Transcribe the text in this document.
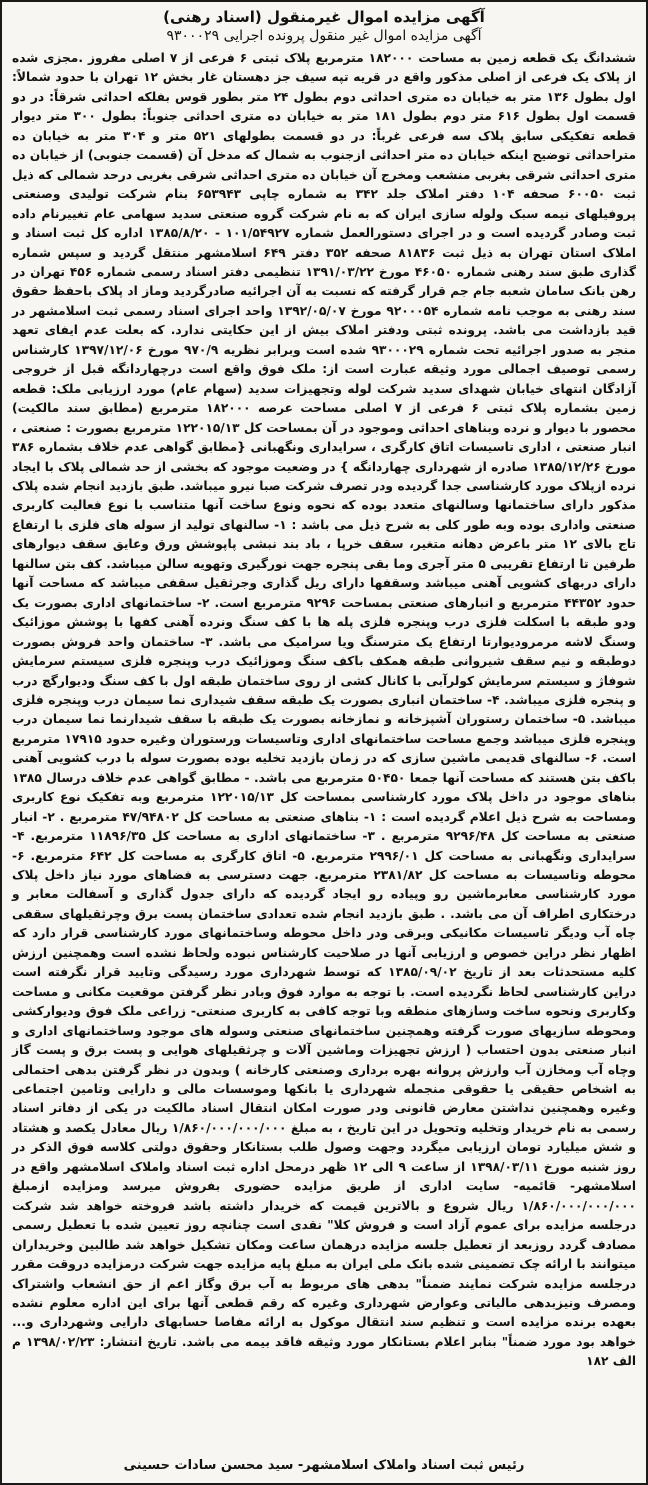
آگهی مزایده اموال غیرمنقول (اسناد رهنی)

آگهی مزایده اموال غیر منقول پرونده اجرایی ۹۳۰۰۰۲۹

ششدانگ یک قطعه زمین به مساحت ۱۸۲۰۰۰ مترمربع پلاک ثبتی ۶ فرعی از ۷ اصلی مفروز .مجزی شده از پلاک یک فرعی از اصلی مذکور واقع در قریه تپه سیف جز دهستان غار بخش ۱۲ تهران با حدود شمالاً: اول بطول ۱۳۶ متر به خیابان ده متری احداثی دوم بطول ۲۴ متر بطور قوس بفلکه احداثی شرقاً: در دو قسمت اول بطول ۶۱۶ متر دوم بطول ۱۸۱ متر به خیابان ده متری احداثی جنوباً: بطول ۳۰۰ متر دیوار قطعه تفکیکی سابق پلاک سه فرعی غرباً: در دو قسمت بطولهای ۵۲۱ متر و ۳۰۴ متر به خیابان ده متراحداثی توضیح اینکه خیابان ده متر احداثی ازجنوب به شمال که مدخل آن (قسمت جنوبی) از خیابان ده متری احداثی شرقی بغربی منشعب ومخرج آن خیابان ده متری احداثی شرقی بغربی درحد شمالی که ذیل ثبت ۶۰۰۵۰ صحفه ۱۰۴ دفتر املاک جلد ۳۴۲ به شماره چاپی ۶۵۳۹۴۳ بنام شرکت تولیدی وصنعتی پروفیلهای نیمه سبک ولوله سازی ایران که به نام شرکت گروه صنعتی سدید سهامی عام تغییرنام داده ثبت وصادر گردیده است و در اجرای دستورالعمل شماره ۱۰۱/۵۴۹۲۷ - ۱۳۸۵/۸/۲۰ اداره کل ثبت اسناد و املاک استان تهران به ذیل ثبت ۸۱۸۳۶ صحفه ۳۵۲ دفتر ۶۴۹ اسلامشهر منتقل گردید و سپس شماره گذاری طبق سند رهنی شماره ۴۶۰۵۰ مورخ ۱۳۹۱/۰۳/۲۲ تنظیمی دفتر اسناد رسمی شماره ۴۵۶ تهران در رهن بانک سامان شعبه جام جم قرار گرفته که نسبت به آن اجرائیه صادرگردید وماز اد پلاک باحفظ حقوق سند رهنی به موجب نامه شماره ۹۲۰۰۰۵۴ مورخ ۱۳۹۲/۰۵/۰۷ واحد اجرای اسناد رسمی ثبت اسلامشهر در قید بازداشت می باشد. پرونده ثبتی ودفتر املاک بیش از این حکایتی ندارد. که بعلت عدم ایفای تعهد منجر به صدور اجرائیه تحت شماره ۹۳۰۰۰۲۹ شده است وبرابر نظریه ۹۷۰/۹ مورخ ۱۳۹۷/۱۲/۰۶ کارشناس رسمی توصیف اجمالی مورد وثیقه عبارت است از: ملک فوق واقع است درچهاردانگه قبل از خروجی آزادگان انتهای خیابان شهدای سدید شرکت لوله وتجهیزات سدید (سهام عام) مورد ارزیابی ملک: قطعه زمین بشماره پلاک ثبتی ۶ فرعی از ۷ اصلی مساحت عرصه ۱۸۲۰۰۰ مترمربع (مطابق سند مالکیت) محصور با دیوار و نرده وبناهای احداثی وموجود در آن بمساحت کل ۱۲۲۰۱۵/۱۳ مترمربع بصورت : صنعتی ، انبار صنعتی ، اداری تاسیسات اتاق کارگری ، سرایداری ونگهبانی {مطابق گواهی عدم خلاف بشماره ۳۸۶ مورخ ۱۳۸۵/۱۲/۲۶ صادره از شهرداری چهاردانگه } در وضعیت موجود که بخشی از حد شمالی پلاک با ایجاد نرده ازپلاک مورد کارشناسی جدا گردیده ودر تصرف شرکت صبا نیرو میباشد. طبق بازدید انجام شده پلاک مذکور دارای ساختمانها وسالنهای متعدد بوده که نحوه ونوع ساخت آنها متناسب با نوع فعالیت کاربری صنعتی واداری بوده وبه طور کلی به شرح ذیل می باشد : ۱- سالنهای تولید از سوله های فلزی با ارتفاع تاج بالای ۱۲ متر باعرض دهانه متغیر، سقف خرپا ، باد بند نبشی پاپوشش ورق وعایق سقف دیوارهای طرفین تا ارتفاع تقریبی ۵ متر آجری وما بقی پنجره جهت نورگیری وتهویه سالن میباشد. کف بتن سالنها دارای دربهای کشویی آهنی میباشد وسقفها دارای ریل گذاری وجرثقیل سقفی میباشد که مساحت آنها حدود ۴۴۳۵۲ مترمربع و انبارهای صنعتی بمساحت ۹۲۹۶ مترمربع است. ۲- ساختمانهای اداری بصورت یک ودو طبقه با اسکلت فلزی درب وپنجره فلزی پله ها با کف سنگ ونرده آهنی کفها با پوشش موزائیک وسنگ لاشه مرمرودیوارتا ارتفاع یک مترسنگ ویا سرامیک می باشد. ۳- ساختمان واحد فروش بصورت دوطبقه و نیم سقف شیروانی طبقه همکف باکف سنگ وموزائیک درب وپنجره فلزی سیستم سرمایش شوفاژ و سیستم سرمایش کولرآبی با کانال کشی از روی ساختمان طبقه اول با کف سنگ ودیوارگچ درب و پنجره فلزی میباشد. ۴- ساختمان انباری بصورت یک طبقه سقف شیداری نما سیمان درب وپنجره فلزی میباشد. ۵- ساختمان رستوران آشپزخانه و نمازخانه بصورت یک طبقه با سقف شیدارنما نما سیمان درب وپنجره فلزی میباشد وجمع مساحت ساختمانهای اداری وتاسیسات ورستوران وغیره حدود ۱۷۹۱۵ مترمربع است. ۶- سالنهای قدیمی ماشین سازی که در زمان بازدید تخلیه بوده بصورت سوله با درب کشویی آهنی باکف بتن هستند که مساحت آنها جمعا ۵۰۴۵۰ مترمربع می باشد. - مطابق گواهی عدم خلاف درسال ۱۳۸۵ بناهای موجود در داخل پلاک مورد کارشناسی بمساحت کل ۱۲۲۰۱۵/۱۳ مترمربع وبه تفکیک نوع کاربری ومساحت به شرح ذیل اعلام گردیده است : ۱- بناهای صنعتی به مساحت کل ۴۷/۹۴۸۰۲ مترمربع . ۲- انبار صنعتی به مساحت کل ۹۲۹۶/۴۸ مترمربع . ۳- ساختمانهای اداری به مساحت کل ۱۱۸۹۶/۳۵ مترمربع. ۴- سرایداری ونگهبانی به مساحت کل ۲۹۹۶/۰۱ مترمربع. ۵- اتاق کارگری به مساحت کل ۶۴۲ مترمربع. ۶- محوطه وتاسیسات به مساحت کل ۲۳۸۱/۸۲ مترمربع. جهت دسترسی به فضاهای مورد نیاز داخل پلاک مورد کارشناسی معابرماشین رو وپیاده رو ایجاد گردیده که دارای جدول گذاری و آسفالت معابر و درختکاری اطراف آن می باشد. . طبق بازدید انجام شده تعدادی ساختمان پست برق وچرثقیلهای سقفی چاه آب ودیگر تاسیسات مکانیکی وبرقی ودر داخل محوطه وساختمانهای مورد کارشناسی قرار دارد که اظهار نظر دراین خصوص و ارزیابی آنها در صلاحیت کارشناس نبوده ولحاظ نشده است وهمچنین ارزش کلیه مستحدثات بعد از تاریخ ۱۳۸۵/۰۹/۰۲ که توسط شهرداری مورد رسیدگی وتایید قرار نگرفته است دراین کارشناسی لحاظ نگردیده است. با توجه به موارد فوق وبادر نظر گرفتن موقعیت مکانی و مساحت وکاربری ونحوه ساخت وسازهای منطقه وبا توجه کافی به کاربری صنعتی- زراعی ملک فوق ودیوارکشی ومحوطه سازیهای صورت گرفته وهمچنین ساختمانهای صنعتی وسوله های موجود وساختمانهای اداری و انبار صنعتی بدون احتساب ( ارزش تجهیزات وماشین آلات و چرثقیلهای هوایی و پست برق و پست گاز وچاه آب ومخازن آب وارزش پروانه بهره برداری وصنعتی کارخانه ) وبدون در نظر گرفتن بدهی احتمالی به اشخاص حقیقی یا حقوقی منجمله شهرداری یا بانکها وموسسات مالی و دارایی وتامین اجتماعی وغیره وهمچنین نداشتن معارض قانونی ودر صورت امکان انتقال اسناد مالکیت در یکی از دفاتر اسناد رسمی به نام خریدار وتخلیه وتحویل در این تاریخ ، به مبلغ ۱/۸۶۰/۰۰۰/۰۰۰/۰۰۰ ریال معادل یکصد و هشتاد و شش میلیارد تومان ارزیابی میگردد وجهت وصول طلب بستانکار وحقوق دولتی کلاسه فوق الذکر در روز شنبه مورخ ۱۳۹۸/۰۳/۱۱ از ساعت ۹ الی ۱۲ ظهر درمحل اداره ثبت اسناد واملاک اسلامشهر واقع در اسلامشهر- قائمیه- سایت اداری از طریق مزایده حضوری بفروش میرسد ومزایده ازمبلغ ۱/۸۶۰/۰۰۰/۰۰۰/۰۰۰ ریال شروع و بالاترین قیمت که خریدار داشته باشد فروخته خواهد شد شرکت درجلسه مزایده برای عموم آزاد است و فروش کلا" نقدی است چنانچه روز تعیین شده با تعطیل رسمی مصادف گردد روزبعد از تعطیل جلسه مزایده درهمان ساعت ومکان تشکیل خواهد شد طالبین وخریداران میتوانند با ارائه چک تضمینی شده بانک ملی ایران به مبلغ پایه مزایده جهت شرکت درمزایده دروقت مقرر درجلسه مزایده شرکت نمایند ضمناً" بدهی های مربوط به آب برق وگاز اعم از حق انشعاب واشتراک ومصرف ونیزبدهی مالیاتی وعوارض شهرداری وغیره که رقم قطعی آنها برای این اداره معلوم نشده بعهده برنده مزایده است و تنظیم سند انتقال موکول به ارائه مفاصا حسابهای دارایی وشهرداری و... خواهد بود مورد ضمناً" بنابر اعلام بستانکار مورد وثیقه فاقد بیمه می باشد. تاریخ انتشار: ۱۳۹۸/۰۲/۲۳ م الف ۱۸۲

رئیس ثبت اسناد واملاک اسلامشهر- سید محسن سادات حسینی
